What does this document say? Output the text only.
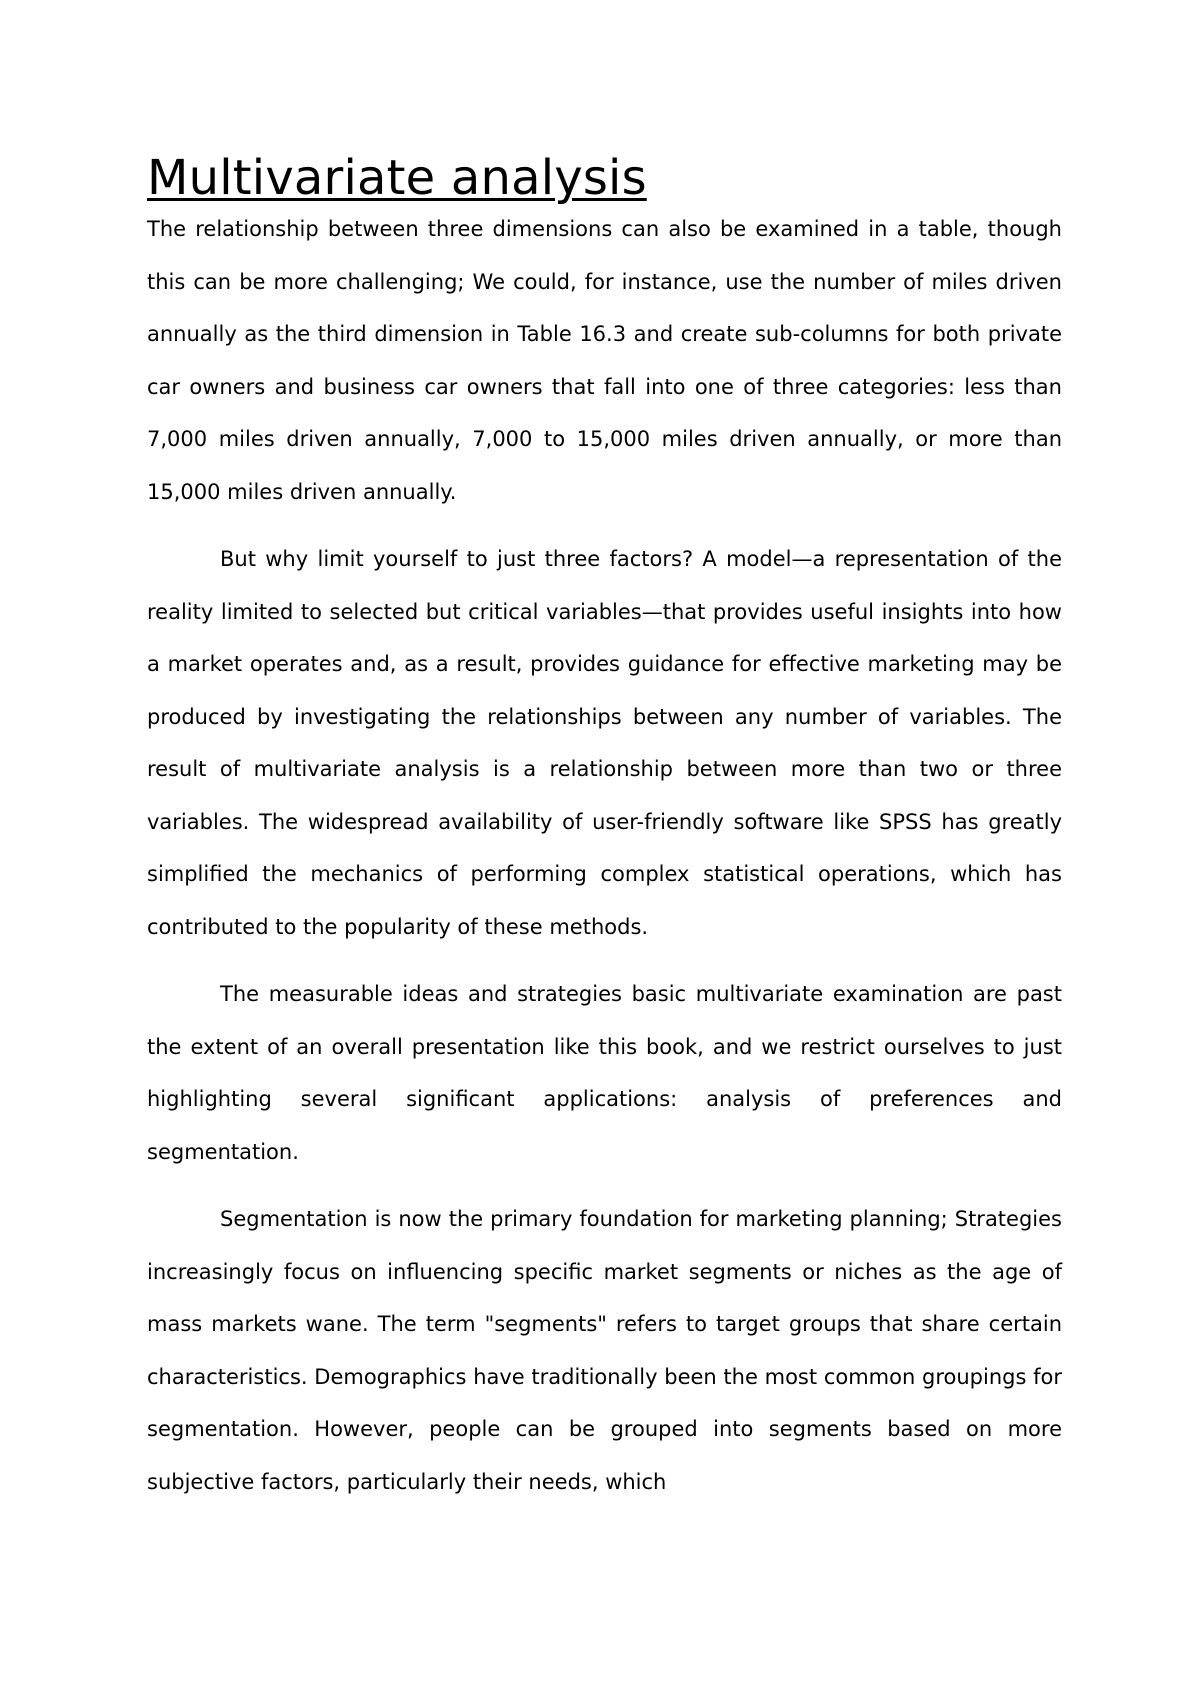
Multivariate analysis

The relationship between three dimensions can also be examined in a table, though this can be more challenging; We could, for instance, use the number of miles driven annually as the third dimension in Table 16.3 and create sub-columns for both private car owners and business car owners that fall into one of three categories: less than 7,000 miles driven annually, 7,000 to 15,000 miles driven annually, or more than 15,000 miles driven annually.

But why limit yourself to just three factors? A model—a representation of the reality limited to selected but critical variables—that provides useful insights into how a market operates and, as a result, provides guidance for effective marketing may be produced by investigating the relationships between any number of variables. The result of multivariate analysis is a relationship between more than two or three variables. The widespread availability of user-friendly software like SPSS has greatly simplified the mechanics of performing complex statistical operations, which has contributed to the popularity of these methods.

The measurable ideas and strategies basic multivariate examination are past the extent of an overall presentation like this book, and we restrict ourselves to just highlighting several significant applications: analysis of preferences and segmentation.

Segmentation is now the primary foundation for marketing planning; Strategies increasingly focus on influencing specific market segments or niches as the age of mass markets wane. The term "segments" refers to target groups that share certain characteristics. Demographics have traditionally been the most common groupings for segmentation. However, people can be grouped into segments based on more subjective factors, particularly their needs, which
